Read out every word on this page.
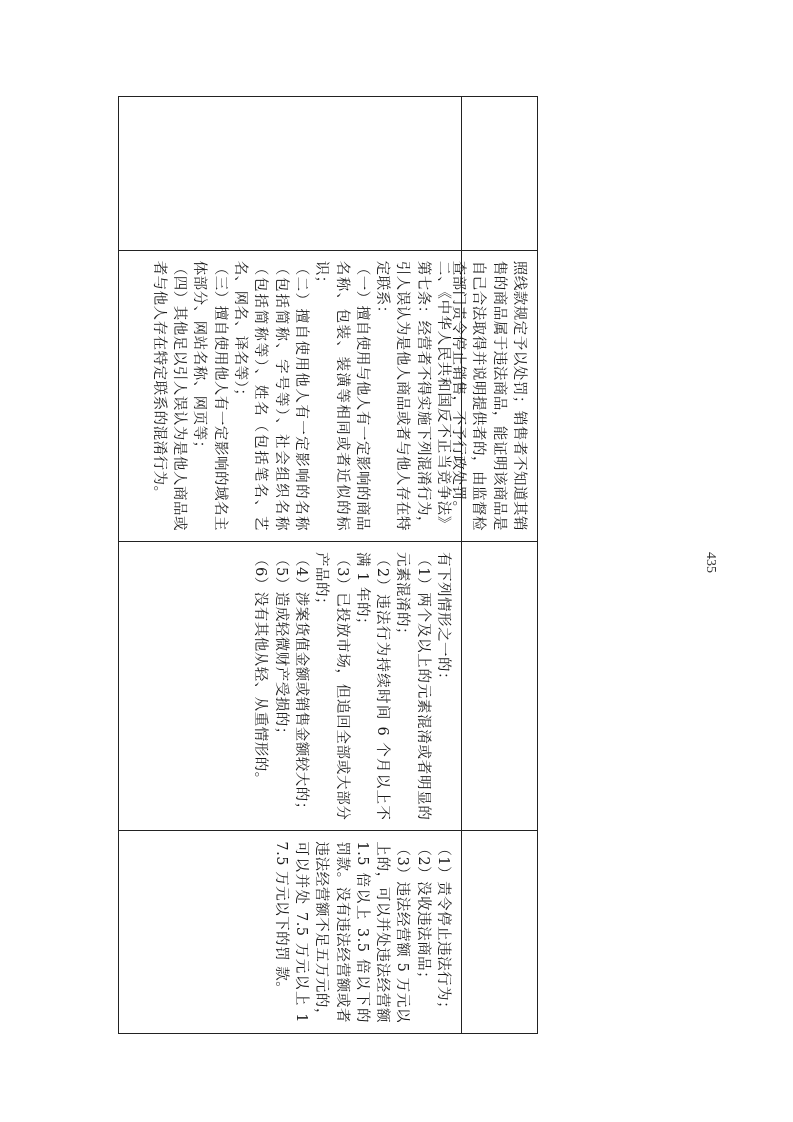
照线款规定予以处罚；销售者不知道其销售的商品属于违法商品，能证明该商品是自己合法取得并说明提供者的，由监督检查部门责令停止销售，不予行政处罚。

二、《中华人民共和国反不正当竞争法》第七条：经营者不得实施下列混淆行为，引人误认为是他人商品或者与他人存在特定联系：

（一）擅自使用与他人有一定影响的商品名称、包装、装潢等相同或者近似的标识；

（二）擅自使用他人有一定影响的名称（包括简称、字号等）、社会组织名称（包括简称等）、姓名（包括笔名、艺名、网名、译名等）；

（三）擅自使用他人有一定影响的域名主体部分、网站名称、网页等；

（四）其他足以引人误认为是他人商品或者与他人存在特定联系的混淆行为。

有下列情形之一的：

（1）两个及以上的元素混淆或者明显的元素混淆的；

（2）违法行为持续时间 6 个月以上不满 1 年的；

（3）已投放市场，但追回全部或大部分产品的；

（4）涉案货值金额或销售金额较大的；

（5）造成轻微财产受损的；

（6）没有其他从轻、从重情形的。

（1）责令停止违法行为；

（2）没收违法商品；

（3）违法经营额 5 万元以上的，可以并处违法经营额 1.5 倍以上 3.5 倍以下的罚款。没有违法经营额或者违法经营额不足五万元的，可以并处 7.5 万元以上 17.5 万元以下的罚 款。

435
